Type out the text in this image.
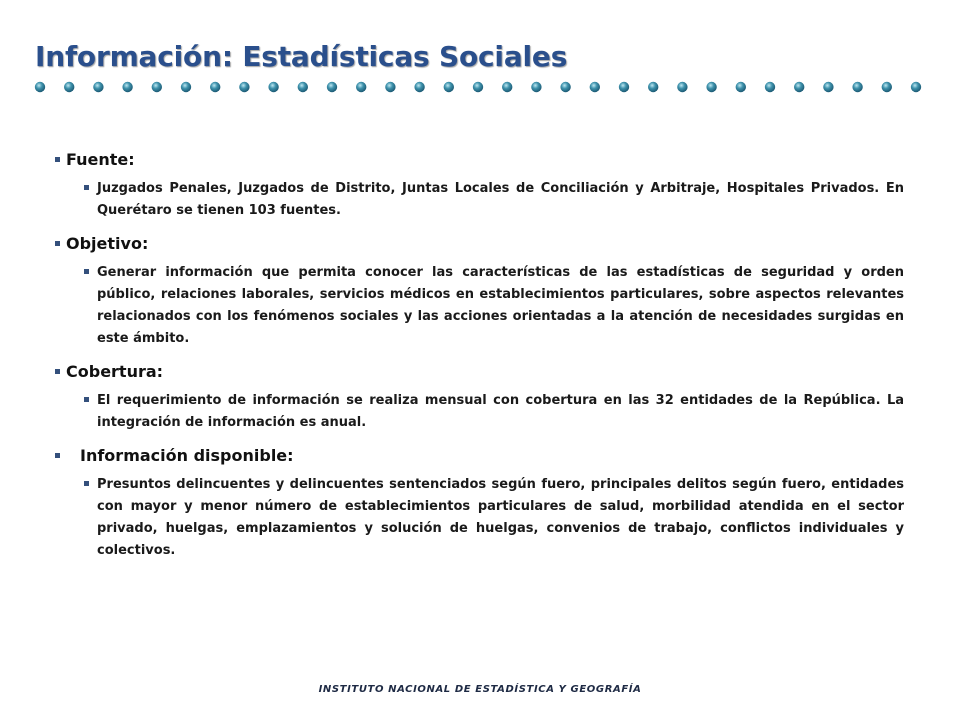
Información: Estadísticas Sociales
Fuente:
Juzgados Penales, Juzgados de Distrito, Juntas Locales de Conciliación y Arbitraje, Hospitales Privados. En Querétaro se tienen 103 fuentes.
Objetivo:
Generar información que permita conocer las características de las estadísticas de seguridad y orden público, relaciones laborales, servicios médicos en establecimientos particulares, sobre aspectos relevantes relacionados con los fenómenos sociales y las acciones orientadas a la atención de necesidades surgidas en este ámbito.
Cobertura:
El requerimiento de información se realiza mensual con cobertura en las 32 entidades de la República. La integración de información es anual.
Información disponible:
Presuntos delincuentes y delincuentes sentenciados según fuero, principales delitos según fuero, entidades con mayor y menor número de establecimientos particulares de salud, morbilidad atendida en el sector privado, huelgas, emplazamientos y solución de huelgas, convenios de trabajo, conflictos individuales y colectivos.
INSTITUTO NACIONAL DE ESTADÍSTICA Y GEOGRAFÍA
